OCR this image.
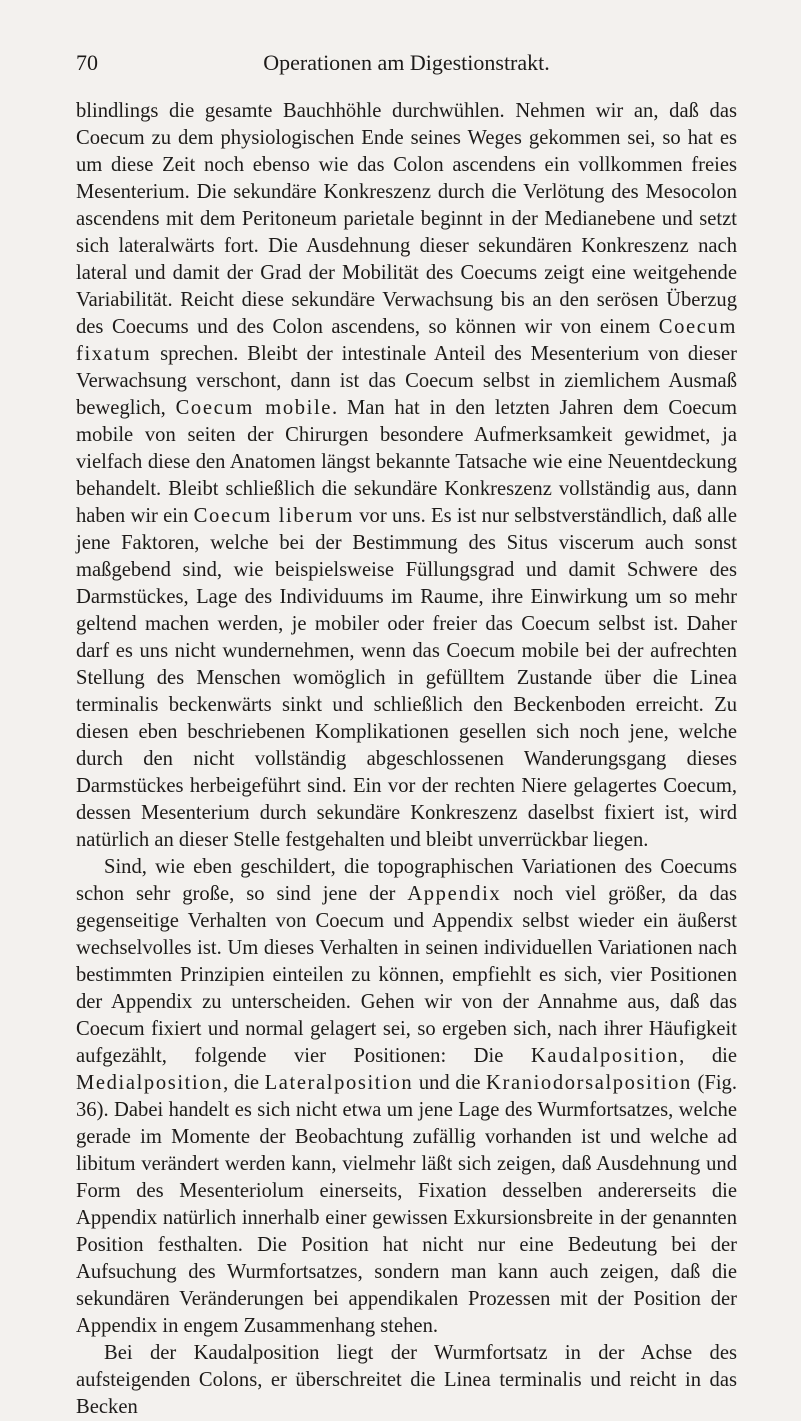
70	Operationen am Digestionstrakt.

blindlings die gesamte Bauchhöhle durchwühlen. Nehmen wir an, daß das Coecum zu dem physiologischen Ende seines Weges gekommen sei, so hat es um diese Zeit noch ebenso wie das Colon ascendens ein vollkommen freies Mesenterium. Die sekundäre Konkreszenz durch die Verlötung des Mesocolon ascendens mit dem Peritoneum parietale beginnt in der Medianebene und setzt sich lateralwärts fort. Die Ausdehnung dieser sekundären Konkreszenz nach lateral und damit der Grad der Mobilität des Coecums zeigt eine weitgehende Variabilität. Reicht diese sekundäre Verwachsung bis an den serösen Überzug des Coecums und des Colon ascendens, so können wir von einem Coecum fixatum sprechen. Bleibt der intestinale Anteil des Mesenterium von dieser Verwachsung verschont, dann ist das Coecum selbst in ziemlichem Ausmaß beweglich, Coecum mobile. Man hat in den letzten Jahren dem Coecum mobile von seiten der Chirurgen besondere Aufmerksamkeit gewidmet, ja vielfach diese den Anatomen längst bekannte Tatsache wie eine Neuentdeckung behandelt. Bleibt schließlich die sekundäre Konkreszenz vollständig aus, dann haben wir ein Coecum liberum vor uns. Es ist nur selbstverständlich, daß alle jene Faktoren, welche bei der Bestimmung des Situs viscerum auch sonst maßgebend sind, wie beispielsweise Füllungsgrad und damit Schwere des Darmstückes, Lage des Individuums im Raume, ihre Einwirkung um so mehr geltend machen werden, je mobiler oder freier das Coecum selbst ist. Daher darf es uns nicht wundernehmen, wenn das Coecum mobile bei der aufrechten Stellung des Menschen womöglich in gefülltem Zustande über die Linea terminalis beckenwärts sinkt und schließlich den Beckenboden erreicht. Zu diesen eben beschriebenen Komplikationen gesellen sich noch jene, welche durch den nicht vollständig abgeschlossenen Wanderungsgang dieses Darmstückes herbeigeführt sind. Ein vor der rechten Niere gelagertes Coecum, dessen Mesenterium durch sekundäre Konkreszenz daselbst fixiert ist, wird natürlich an dieser Stelle festgehalten und bleibt unverrückbar liegen.

Sind, wie eben geschildert, die topographischen Variationen des Coecums schon sehr große, so sind jene der Appendix noch viel größer, da das gegenseitige Verhalten von Coecum und Appendix selbst wieder ein äußerst wechselvolles ist. Um dieses Verhalten in seinen individuellen Variationen nach bestimmten Prinzipien einteilen zu können, empfiehlt es sich, vier Positionen der Appendix zu unterscheiden. Gehen wir von der Annahme aus, daß das Coecum fixiert und normal gelagert sei, so ergeben sich, nach ihrer Häufigkeit aufgezählt, folgende vier Positionen: Die Kaudalposition, die Medialposition, die Lateralposition und die Kraniodorsalposition (Fig. 36). Dabei handelt es sich nicht etwa um jene Lage des Wurmfortsatzes, welche gerade im Momente der Beobachtung zufällig vorhanden ist und welche ad libitum verändert werden kann, vielmehr läßt sich zeigen, daß Ausdehnung und Form des Mesenteriolum einerseits, Fixation desselben andererseits die Appendix natürlich innerhalb einer gewissen Exkursionsbreite in der genannten Position festhalten. Die Position hat nicht nur eine Bedeutung bei der Aufsuchung des Wurmfortsatzes, sondern man kann auch zeigen, daß die sekundären Veränderungen bei appendikalen Prozessen mit der Position der Appendix in engem Zusammenhang stehen.

Bei der Kaudalposition liegt der Wurmfortsatz in der Achse des aufsteigenden Colons, er überschreitet die Linea terminalis und reicht in das Becken
